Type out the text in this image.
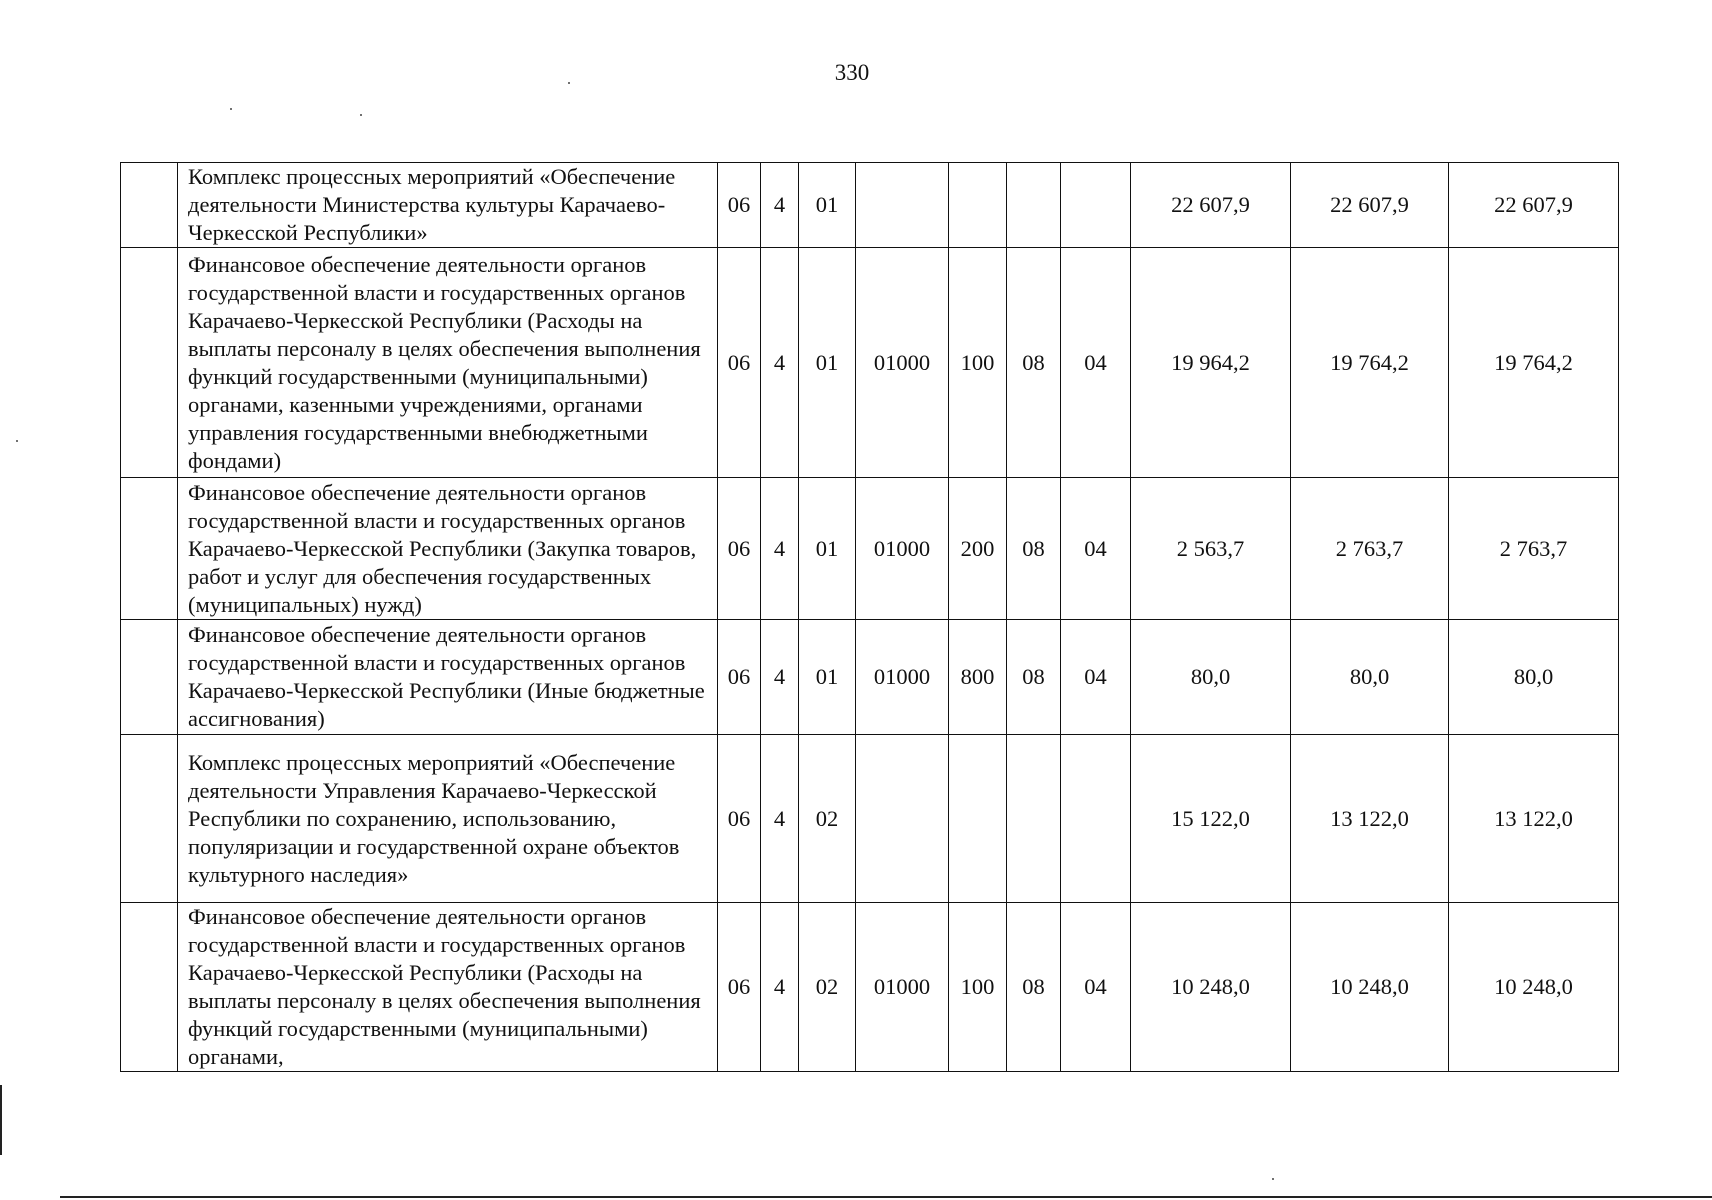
330
	Комплекс процессных мероприятий «Обеспечение деятельности Министерства культуры Карачаево-Черкесской Республики»	06	4	01					22 607,9	22 607,9	22 607,9
	Финансовое обеспечение деятельности органов государственной власти и государственных органов Карачаево-Черкесской Республики (Расходы на выплаты персоналу в целях обеспечения выполнения функций государственными (муниципальными) органами, казенными учреждениями, органами управления государственными внебюджетными фондами)	06	4	01	01000	100	08	04	19 964,2	19 764,2	19 764,2
	Финансовое обеспечение деятельности органов государственной власти и государственных органов Карачаево-Черкесской Республики (Закупка товаров, работ и услуг для обеспечения государственных (муниципальных) нужд)	06	4	01	01000	200	08	04	2 563,7	2 763,7	2 763,7
	Финансовое обеспечение деятельности органов государственной власти и государственных органов Карачаево-Черкесской Республики (Иные бюджетные ассигнования)	06	4	01	01000	800	08	04	80,0	80,0	80,0
	Комплекс процессных мероприятий «Обеспечение деятельности Управления Карачаево-Черкесской Республики по сохранению, использованию, популяризации и государственной охране объектов культурного наследия»	06	4	02					15 122,0	13 122,0	13 122,0
	Финансовое обеспечение деятельности органов государственной власти и государственных органов Карачаево-Черкесской Республики (Расходы на выплаты персоналу в целях обеспечения выполнения функций государственными (муниципальными) органами,	06	4	02	01000	100	08	04	10 248,0	10 248,0	10 248,0
